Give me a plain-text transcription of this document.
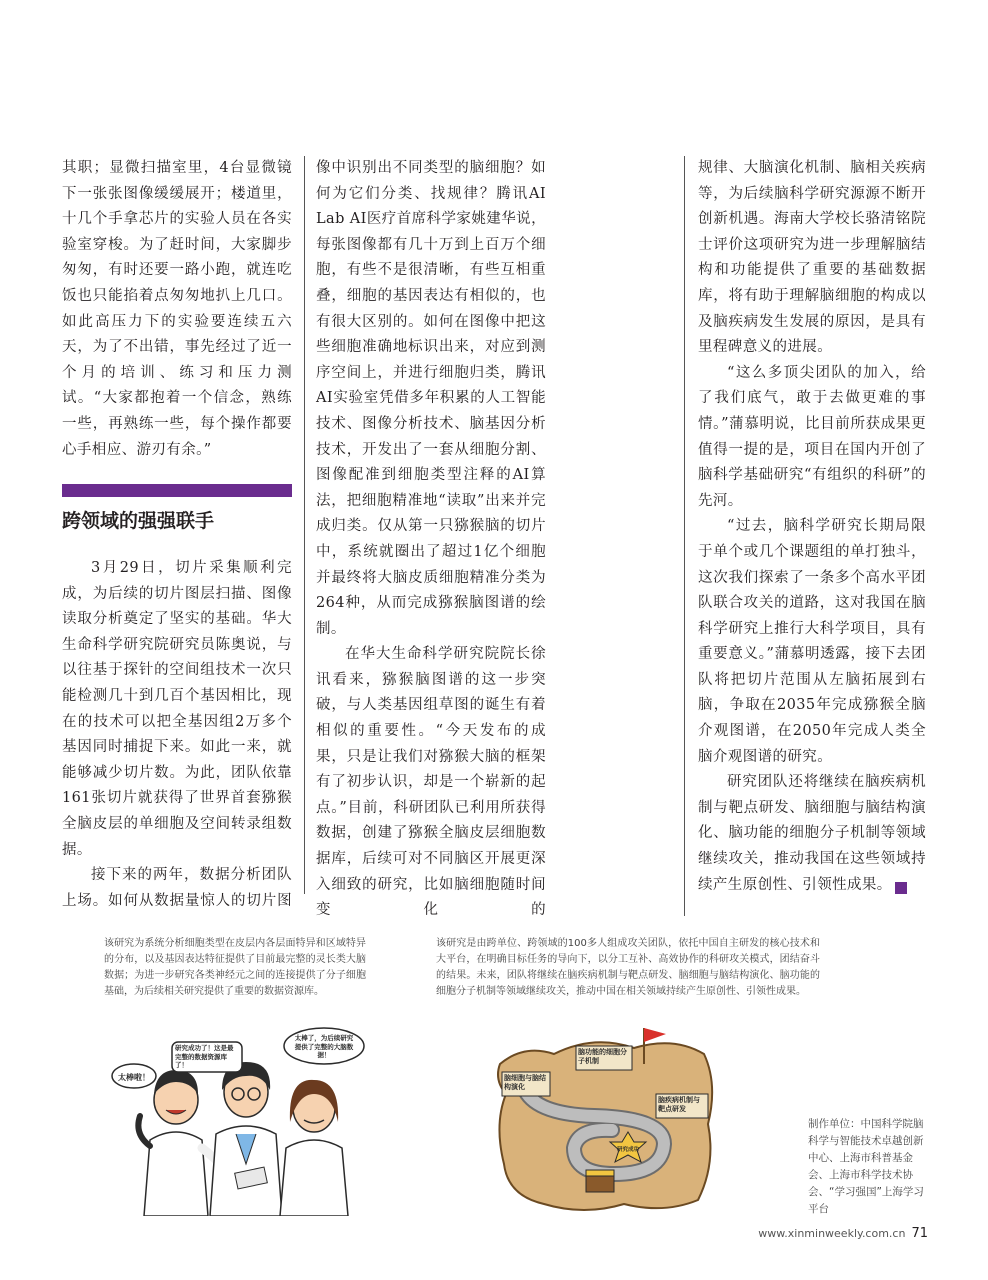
其职；显微扫描室里，4台显微镜下一张张图像缓缓展开；楼道里，十几个手拿芯片的实验人员在各实验室穿梭。为了赶时间，大家脚步匆匆，有时还要一路小跑，就连吃饭也只能掐着点匆匆地扒上几口。如此高压力下的实验要连续五六天，为了不出错，事先经过了近一个月的培训、练习和压力测试。“大家都抱着一个信念，熟练一些，再熟练一些，每个操作都要心手相应、游刃有余。”

跨领域的强强联手

3月29日，切片采集顺利完成，为后续的切片图层扫描、图像读取分析奠定了坚实的基础。华大生命科学研究院研究员陈奥说，与以往基于探针的空间组技术一次只能检测几十到几百个基因相比，现在的技术可以把全基因组2万多个基因同时捕捉下来。如此一来，就能够减少切片数。为此，团队依靠161张切片就获得了世界首套猕猴全脑皮层的单细胞及空间转录组数据。

接下来的两年，数据分析团队上场。如何从数据量惊人的切片图

像中识别出不同类型的脑细胞？如何为它们分类、找规律？腾讯AI Lab AI医疗首席科学家姚建华说，每张图像都有几十万到上百万个细胞，有些不是很清晰，有些互相重叠，细胞的基因表达有相似的，也有很大区别的。如何在图像中把这些细胞准确地标识出来，对应到测序空间上，并进行细胞归类，腾讯AI实验室凭借多年积累的人工智能技术、图像分析技术、脑基因分析技术，开发出了一套从细胞分割、图像配准到细胞类型注释的AI算法，把细胞精准地“读取”出来并完成归类。仅从第一只猕猴脑的切片中，系统就圈出了超过1亿个细胞并最终将大脑皮质细胞精准分类为264种，从而完成猕猴脑图谱的绘制。

在华大生命科学研究院院长徐讯看来，猕猴脑图谱的这一步突破，与人类基因组草图的诞生有着相似的重要性。“今天发布的成果，只是让我们对猕猴大脑的框架有了初步认识，却是一个崭新的起点。”目前，科研团队已利用所获得数据，创建了猕猴全脑皮层细胞数据库，后续可对不同脑区开展更深入细致的研究，比如脑细胞随时间变化的

规律、大脑演化机制、脑相关疾病等，为后续脑科学研究源源不断开创新机遇。海南大学校长骆清铭院士评价这项研究为进一步理解脑结构和功能提供了重要的基础数据库，将有助于理解脑细胞的构成以及脑疾病发生发展的原因，是具有里程碑意义的进展。

“这么多顶尖团队的加入，给了我们底气，敢于去做更难的事情。”蒲慕明说，比目前所获成果更值得一提的是，项目在国内开创了脑科学基础研究“有组织的科研”的先河。

“过去，脑科学研究长期局限于单个或几个课题组的单打独斗，这次我们探索了一条多个高水平团队联合攻关的道路，这对我国在脑科学研究上推行大科学项目，具有重要意义。”蒲慕明透露，接下去团队将把切片范围从左脑拓展到右脑，争取在2035年完成猕猴全脑介观图谱，在2050年完成人类全脑介观图谱的研究。

研究团队还将继续在脑疾病机制与靶点研发、脑细胞与脑结构演化、脑功能的细胞分子机制等领域继续攻关，推动我国在这些领域持续产生原创性、引领性成果。	民

该研究为系统分析细胞类型在皮层内各层面特异和区域特异的分布，以及基因表达特征提供了目前最完整的灵长类大脑数据；为进一步研究各类神经元之间的连接提供了分子细胞基础，为后续相关研究提供了重要的数据资源库。
该研究是由跨单位、跨领域的100多人组成攻关团队，依托中国自主研发的核心技术和大平台，在明确目标任务的导向下，以分工互补、高效协作的科研攻关模式，团结奋斗的结果。未来，团队将继续在脑疾病机制与靶点研发、脑细胞与脑结构演化、脑功能的细胞分子机制等领域继续攻关，推动中国在相关领域持续产生原创性、引领性成果。
制作单位：中国科学院脑科学与智能技术卓越创新中心、上海市科普基金会、上海市科学技术协会、“学习强国”上海学习平台
太棒啦！
研究成功了！这是最完整的数据资源库了！
太棒了，为后续研究提供了完整的大脑数据！	脑功能的细胞分子机制
脑细胞与脑结构演化
脑疾病机制与靶点研发
研究成功
www.xinminweekly.com.cn 71
